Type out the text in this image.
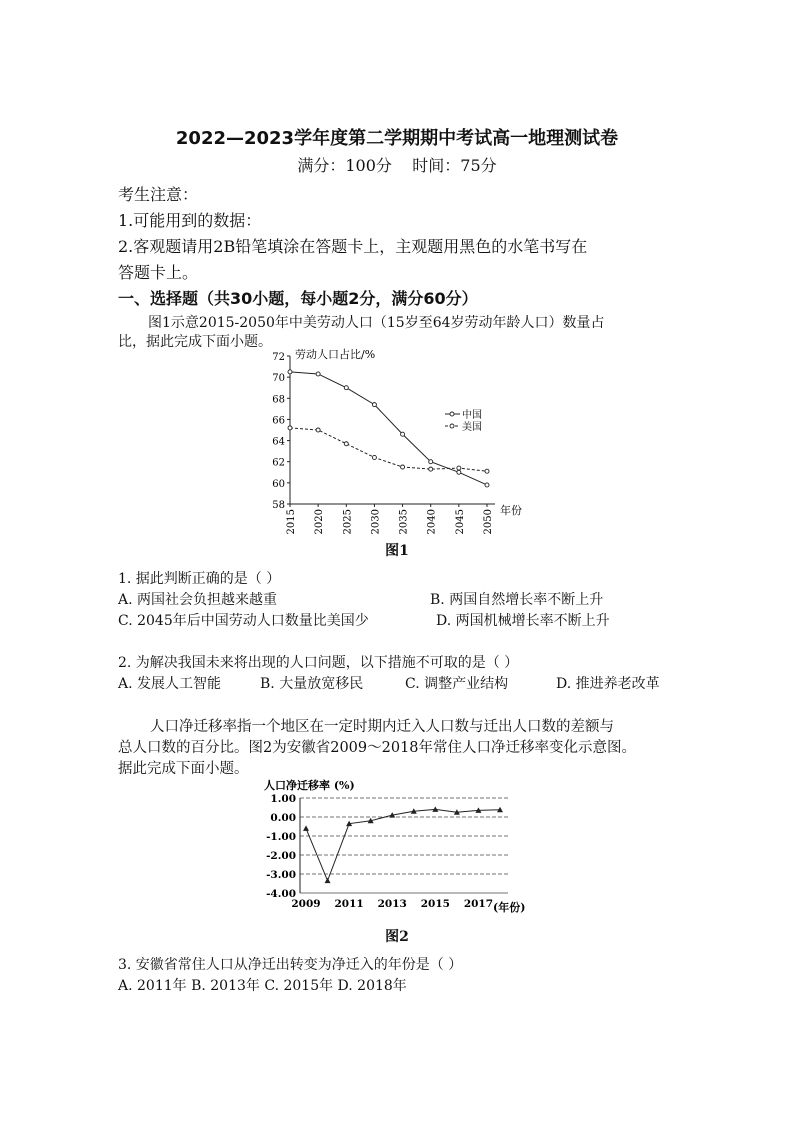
2022—2023学年度第二学期期中考试高一地理测试卷
满分：100分    时间：75分
考生注意：
1.可能用到的数据：
2.客观题请用2B铅笔填涂在答题卡上，主观题用黑色的水笔书写在
答题卡上。
一、选择题（共30小题，每小题2分，满分60分）
图1示意2015-2050年中美劳动人口（15岁至64岁劳动年龄人口）数量占
比，据此完成下面小题。
58
60
62
64
66
68
70
72
2015 2020 2025 2030 2035 2040 2045 2050
中国
美国
劳动人口占比/%
年份
图1
1. 据此判断正确的是（ ）
A. 两国社会负担越来越重	B. 两国自然增长率不断上升
C. 2045年后中国劳动人口数量比美国少	D. 两国机械增长率不断上升
2. 为解决我国未来将出现的人口问题，以下措施不可取的是（ ）
A. 发展人工智能	B. 大量放宽移民	C. 调整产业结构	D. 推进养老改革
人口净迁移率指一个地区在一定时期内迁入人口数与迁出人口数的差额与
总人口数的百分比。图2为安徽省2009～2018年常住人口净迁移率变化示意图。
据此完成下面小题。
-4.00
-3.00
-2.00
-1.00
0.00
1.00
2009 2011 2013 2015 2017
人口净迁移率 (%)
(年份)
图2
3. 安徽省常住人口从净迁出转变为净迁入的年份是（ ）
A. 2011年 B. 2013年 C. 2015年 D. 2018年
